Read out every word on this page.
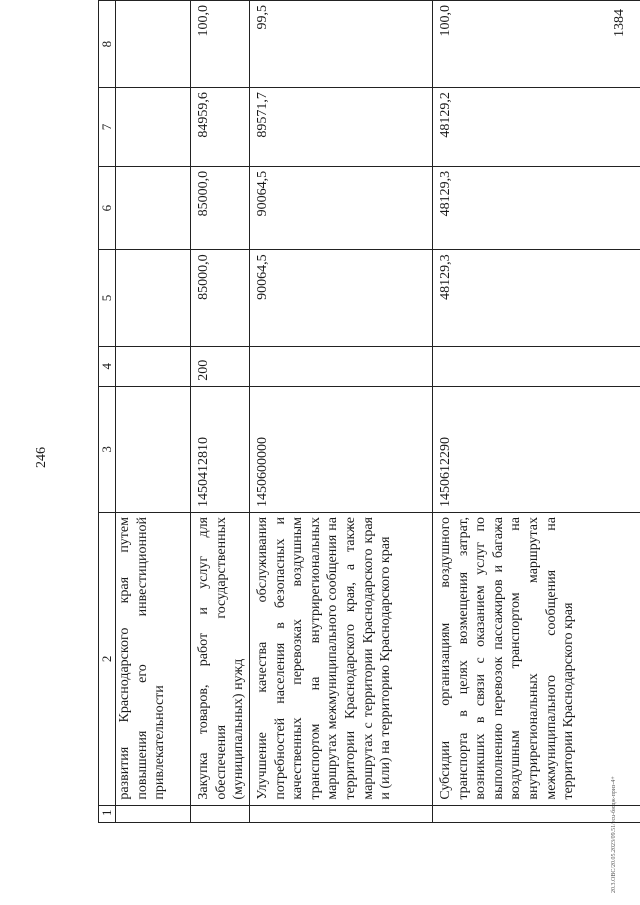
246
1384
20.3.OBC/20.05.2023/09.51/ecu-бюдж-приз-4+
1	2	3	4	5	6	7	8
	развития Краснодарского края путем повышения его инвестиционной привлекательности						
	Закупка товаров, работ и услуг для обеспечения государственных (муниципальных) нужд	1450412810	200	85000,0	85000,0	84959,6	100,0
	Улучшение качества обслуживания потребностей населения в безопасных и качественных перевозках воздушным транспортом на внутрирегиональных маршрутах межмуниципального сообщения на территории Краснодарского края, а также маршрутах с территории Краснодарского края и (или) на территорию Краснодарского края	1450600000		90064,5	90064,5	89571,7	99,5
	Субсидии организациям воздушного транспорта в целях возмещения затрат, возникших в связи с оказанием услуг по выполнению перевозок пассажиров и багажа воздушным транспортом на внутрирегиональных маршрутах межмуниципального сообщения на территории Краснодарского края	1450612290		48129,3	48129,3	48129,2	100,0
